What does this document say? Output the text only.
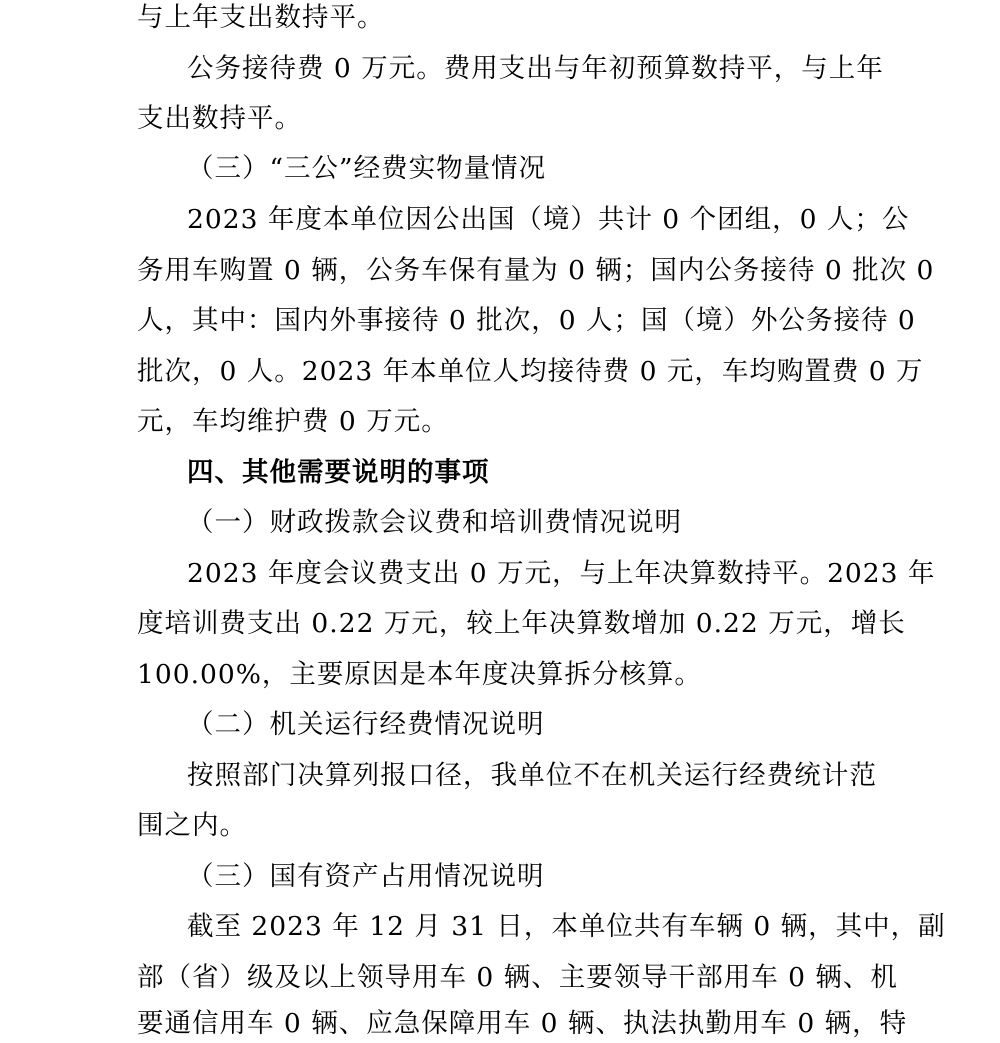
与上年支出数持平。
公务接待费 0 万元。费用支出与年初预算数持平，与上年
支出数持平。
（三）“三公”经费实物量情况
2023 年度本单位因公出国（境）共计 0 个团组，0 人；公
务用车购置 0 辆，公务车保有量为 0 辆；国内公务接待 0 批次 0
人，其中：国内外事接待 0 批次，0 人；国（境）外公务接待 0
批次，0 人。2023 年本单位人均接待费 0 元，车均购置费 0 万
元，车均维护费 0 万元。
四、其他需要说明的事项
（一）财政拨款会议费和培训费情况说明
2023 年度会议费支出 0 万元，与上年决算数持平。2023 年
度培训费支出 0.22 万元，较上年决算数增加 0.22 万元，增长
100.00%，主要原因是本年度决算拆分核算。
（二）机关运行经费情况说明
按照部门决算列报口径，我单位不在机关运行经费统计范
围之内。
（三）国有资产占用情况说明
截至 2023 年 12 月 31 日，本单位共有车辆 0 辆，其中，副
部（省）级及以上领导用车 0 辆、主要领导干部用车 0 辆、机
要通信用车 0 辆、应急保障用车 0 辆、执法执勤用车 0 辆，特
